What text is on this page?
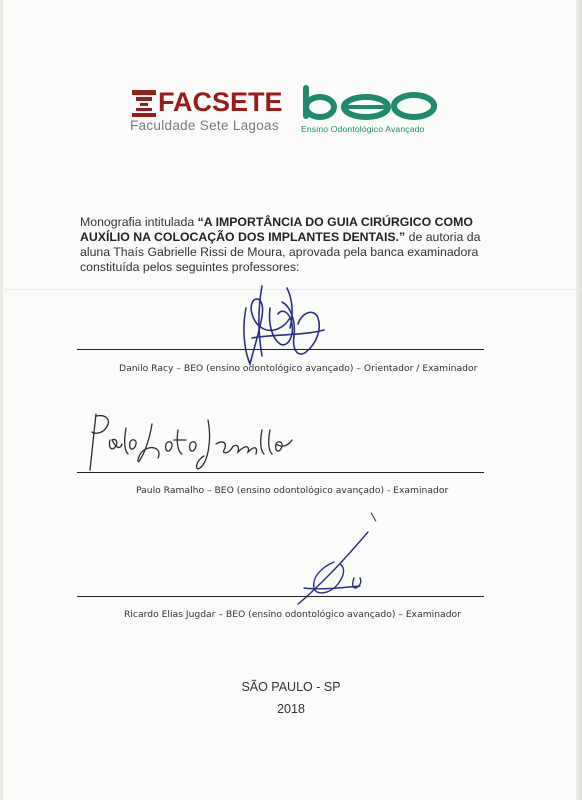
FACSETE
Faculdade Sete Lagoas	Ensino Odontológico Avançado
Monografia intitulada “A IMPORTÂNCIA DO GUIA CIRÚRGICO COMO AUXÍLIO NA COLOCAÇÃO DOS IMPLANTES DENTAIS.” de autoria da aluna Thaís Gabrielle Rissi de Moura, aprovada pela banca examinadora constituída pelos seguintes professores:
Danilo Racy – BEO (ensino odontológico avançado) – Orientador / Examinador
Paulo Ramalho – BEO (ensino odontológico avançado) - Examinador
Ricardo Elias Jugdar – BEO (ensino odontológico avançado) – Examinador
SÃO PAULO - SP
2018
